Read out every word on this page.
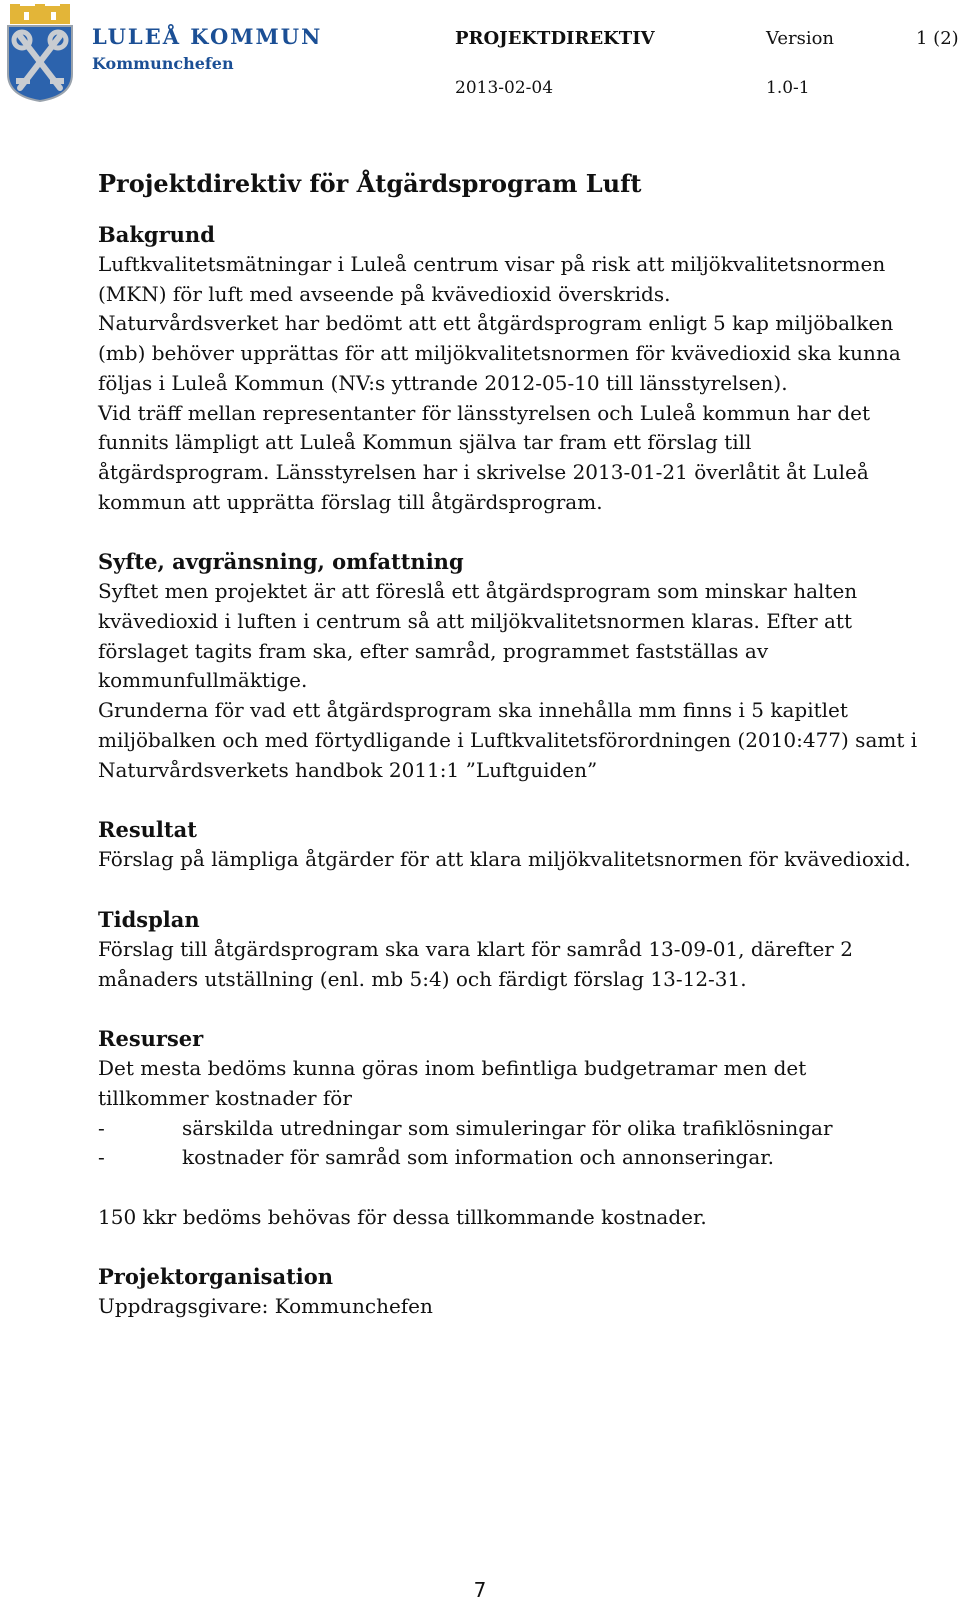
LULEÅ KOMMUN
Kommunchefen
PROJEKTDIREKTIV	Version	1 (2)
2013-02-04	1.0-1
Projektdirektiv för Åtgärdsprogram Luft
Bakgrund

Luftkvalitetsmätningar i Luleå centrum visar på risk att miljökvalitetsnormen (MKN) för luft med avseende på kvävedioxid överskrids.

Naturvårdsverket har bedömt att ett åtgärdsprogram enligt 5 kap miljöbalken (mb) behöver upprättas för att miljökvalitetsnormen för kvävedioxid ska kunna följas i Luleå Kommun (NV:s yttrande 2012-05-10 till länsstyrelsen).

Vid träff mellan representanter för länsstyrelsen och Luleå kommun har det funnits lämpligt att Luleå Kommun själva tar fram ett förslag till åtgärdsprogram. Länsstyrelsen har i skrivelse 2013-01-21 överlåtit åt Luleå kommun att upprätta förslag till åtgärdsprogram.

Syfte, avgränsning, omfattning

Syftet men projektet är att föreslå ett åtgärdsprogram som minskar halten kvävedioxid i luften i centrum så att miljökvalitetsnormen klaras. Efter att förslaget tagits fram ska, efter samråd, programmet fastställas av kommunfullmäktige.

Grunderna för vad ett åtgärdsprogram ska innehålla mm finns i 5 kapitlet miljöbalken och med förtydligande i Luftkvalitetsförordningen (2010:477) samt i Naturvårdsverkets handbok 2011:1 ”Luftguiden”

Resultat

Förslag på lämpliga åtgärder för att klara miljökvalitetsnormen för kvävedioxid.

Tidsplan

Förslag till åtgärdsprogram ska vara klart för samråd 13-09-01, därefter 2 månaders utställning (enl. mb 5:4) och färdigt förslag 13-12-31.

Resurser

Det mesta bedöms kunna göras inom befintliga budgetramar men det tillkommer kostnader för

-	särskilda utredningar som simuleringar för olika trafiklösningar
-	kostnader för samråd som information och annonseringar.

150 kkr bedöms behövas för dessa tillkommande kostnader.

Projektorganisation

Uppdragsgivare: Kommunchefen

7
